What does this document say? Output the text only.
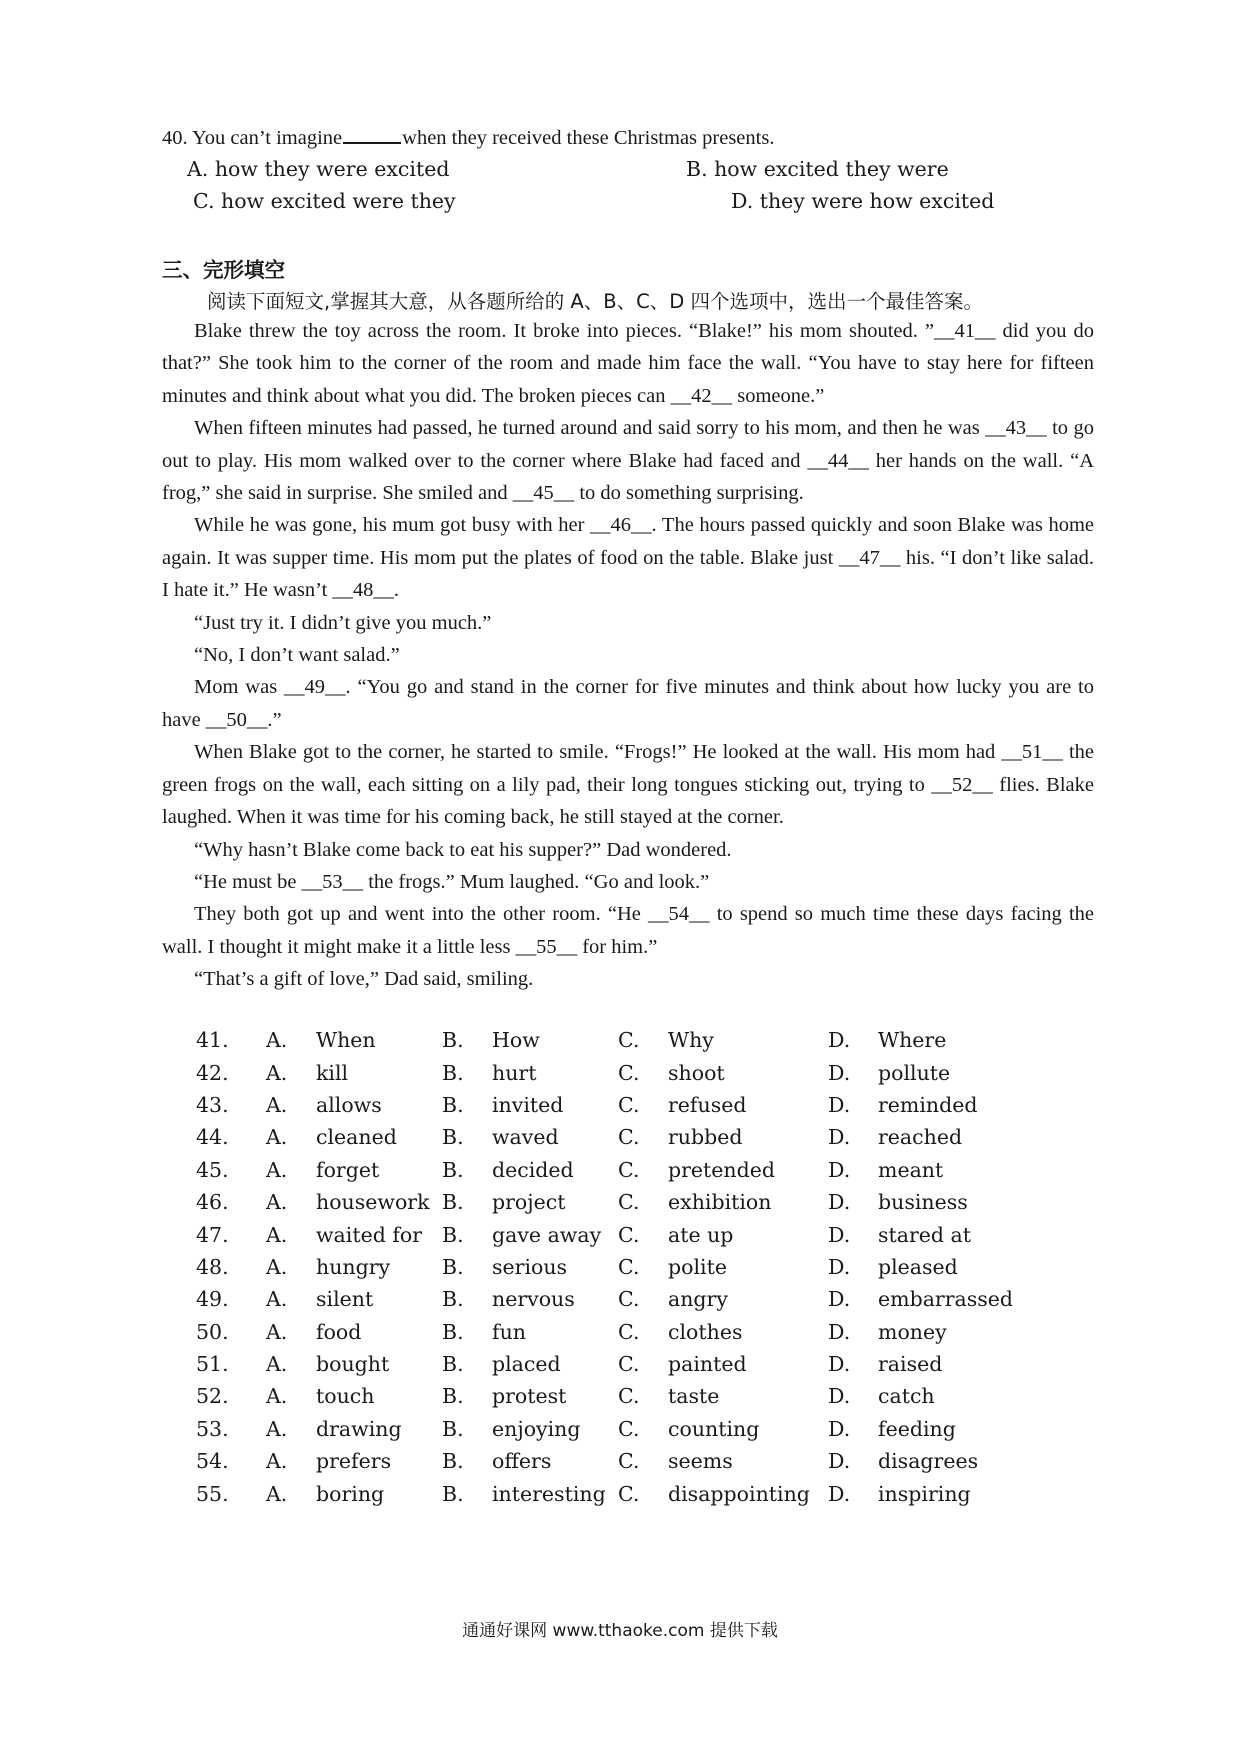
40. You can’t imagine	when they received these Christmas presents.
A. how they were excited	B. how excited they were
C. how excited were they	D. they were how excited
三、完形填空
阅读下面短文,掌握其大意，从各题所给的 A、B、C、D 四个选项中，选出一个最佳答案。

Blake threw the toy across the room. It broke into pieces. “Blake!” his mom shouted. ”__41__ did you do that?” She took him to the corner of the room and made him face the wall. “You have to stay here for fifteen minutes and think about what you did. The broken pieces can __42__ someone.”

When fifteen minutes had passed, he turned around and said sorry to his mom, and then he was __43__ to go out to play. His mom walked over to the corner where Blake had faced and __44__ her hands on the wall. “A frog,” she said in surprise. She smiled and __45__ to do something surprising.

While he was gone, his mum got busy with her __46__. The hours passed quickly and soon Blake was home again. It was supper time. His mom put the plates of food on the table. Blake just __47__ his. “I don’t like salad. I hate it.” He wasn’t __48__.

“Just try it. I didn’t give you much.”

“No, I don’t want salad.”

Mom was __49__. “You go and stand in the corner for five minutes and think about how lucky you are to have __50__.”

When Blake got to the corner, he started to smile. “Frogs!” He looked at the wall. His mom had __51__ the green frogs on the wall, each sitting on a lily pad, their long tongues sticking out, trying to __52__ flies. Blake laughed. When it was time for his coming back, he still stayed at the corner.

“Why hasn’t Blake come back to eat his supper?” Dad wondered.

“He must be __53__ the frogs.” Mum laughed. “Go and look.”

They both got up and went into the other room. “He __54__ to spend so much time these days facing the wall. I thought it might make it a little less __55__ for him.”

“That’s a gift of love,” Dad said, smiling.

41.	A.	When	B.	How	C.	Why	D.	Where
42.	A.	kill	B.	hurt	C.	shoot	D.	pollute
43.	A.	allows	B.	invited	C.	refused	D.	reminded
44.	A.	cleaned	B.	waved	C.	rubbed	D.	reached
45.	A.	forget	B.	decided	C.	pretended	D.	meant
46.	A.	housework	B.	project	C.	exhibition	D.	business
47.	A.	waited for	B.	gave away	C.	ate up	D.	stared at
48.	A.	hungry	B.	serious	C.	polite	D.	pleased
49.	A.	silent	B.	nervous	C.	angry	D.	embarrassed
50.	A.	food	B.	fun	C.	clothes	D.	money
51.	A.	bought	B.	placed	C.	painted	D.	raised
52.	A.	touch	B.	protest	C.	taste	D.	catch
53.	A.	drawing	B.	enjoying	C.	counting	D.	feeding
54.	A.	prefers	B.	offers	C.	seems	D.	disagrees
55.	A.	boring	B.	interesting	C.	disappointing	D.	inspiring
通通好课网 www.tthaoke.com 提供下载
